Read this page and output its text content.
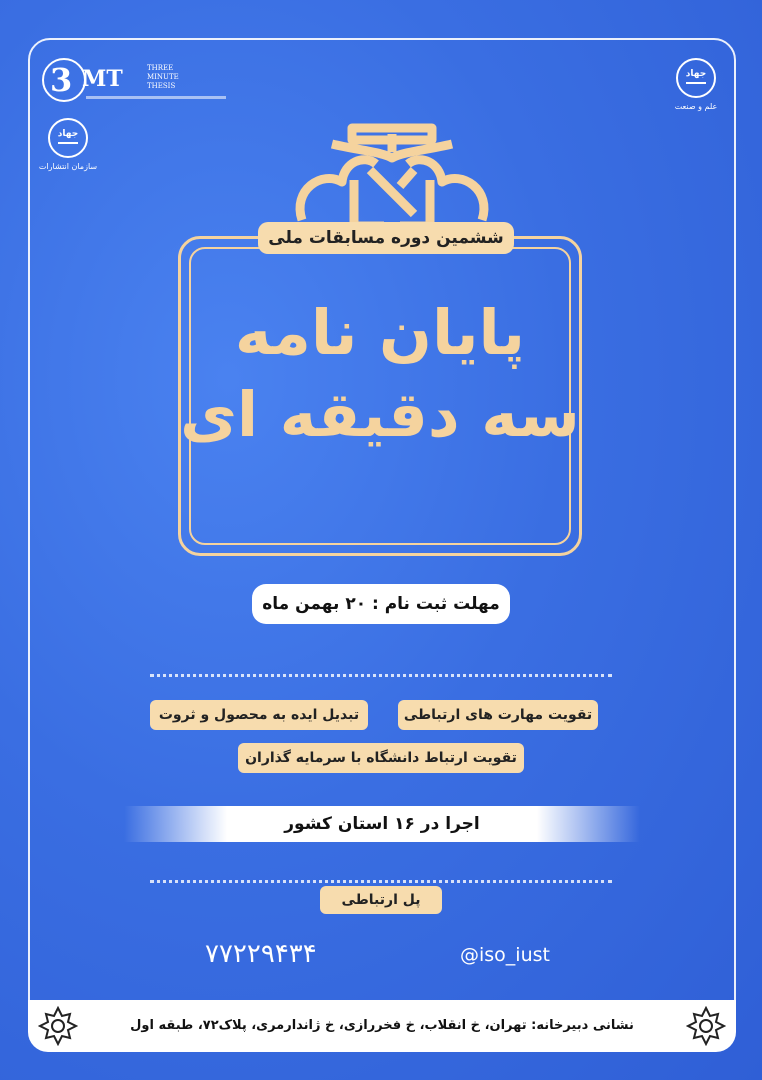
3 MT	THREE MINUTE THESIS
جهاد
سازمان انتشارات
جهاد
علم و صنعت
ششمین دوره مسابقات ملی
پایان نامه
سه دقیقه ای
مهلت ثبت نام : ۲۰ بهمن ماه
تقویت مهارت های ارتباطی
تبدیل ایده به محصول و ثروت
تقویت ارتباط دانشگاه با سرمایه گذاران
اجرا در ۱۶ استان کشور
پل ارتباطی
۷۷۲۲۹۴۳۴	@iso_iust
نشانی دبیرخانه: تهران، خ انقلاب، خ فخررازی، خ ژاندارمری، پلاک۷۲، طبقه اول
